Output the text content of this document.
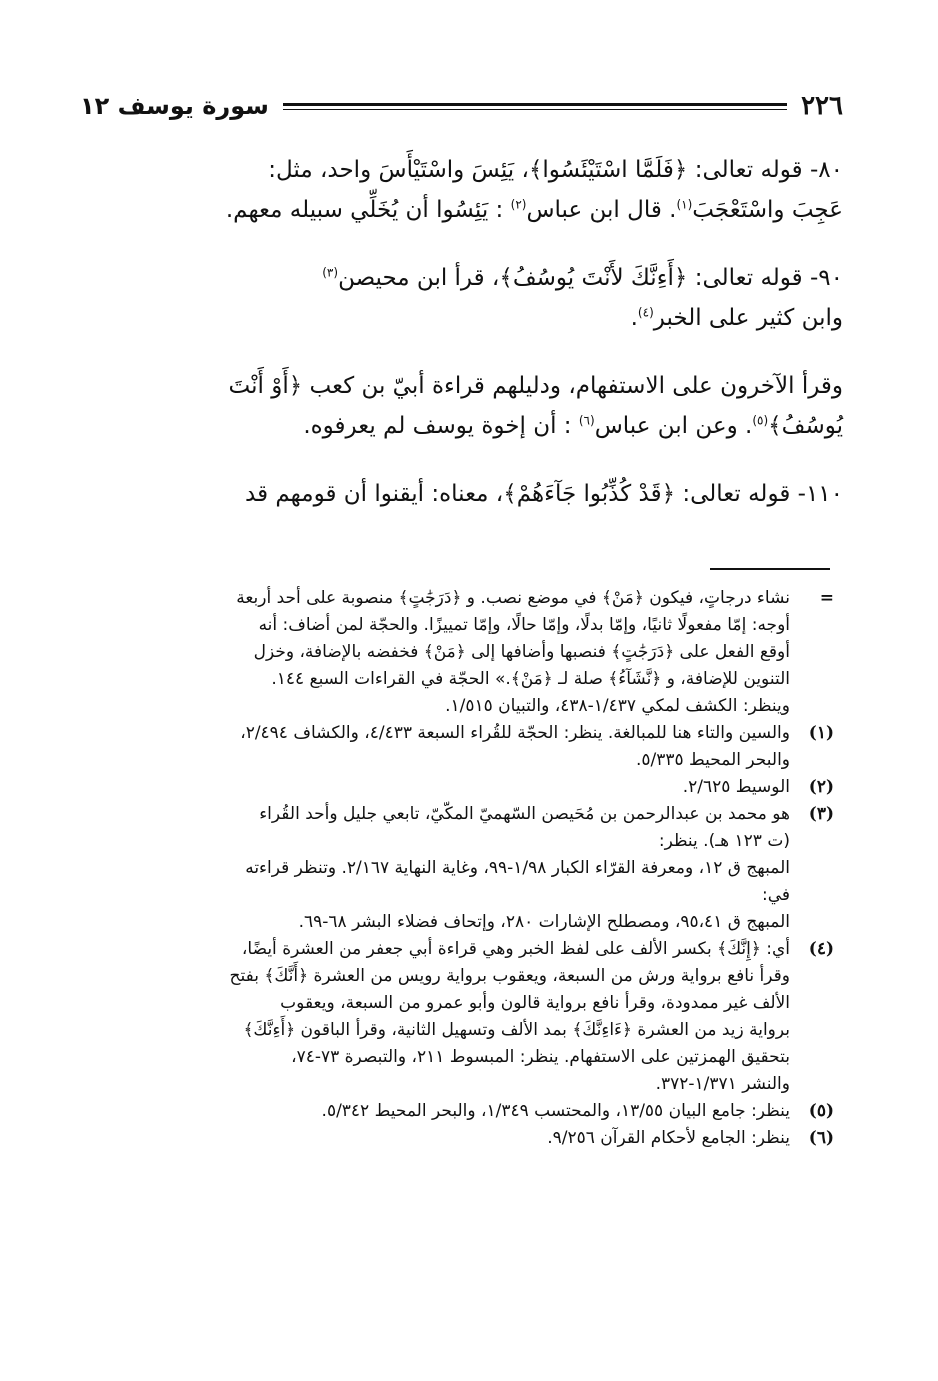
٢٢٦
سورة يوسف ١٢

٨٠- قوله تعالى: ﴿فَلَمَّا اسْتَيْئَسُوا﴾، يَئِسَ واسْتَيْأَسَ واحد، مثل:
عَجِبَ واسْتَعْجَبَ$^{(١)}$. قال ابن عباس$^{(٢)}$ : يَئِسُوا أن يُخَلِّي سبيله معهم.

٩٠- قوله تعالى: ﴿أَءِنَّكَ لأَنْتَ يُوسُفُ﴾، قرأ ابن محيصن$^{(٣)}$
وابن كثير على الخبر$^{(٤)}$.

وقرأ الآخرون على الاستفهام، ودليلهم قراءة أبيّ بن كعب ﴿أَوْ أَنْتَ
يُوسُفُ﴾$^{(٥)}$. وعن ابن عباس$^{(٦)}$ : أن إخوة يوسف لم يعرفوه.

١١٠- قوله تعالى: ﴿قَدْ كُذِّبُوا جَآءَهُمْ﴾، معناه: أيقنوا أن قومهم قد

=
نشاء درجاتٍ، فيكون ﴿مَنْ﴾ في موضع نصب. و ﴿دَرَجَٰتٍ﴾ منصوبة على أحد أربعة
أوجه: إمّا مفعولًا ثانيًا، وإمّا بدلًا، وإمّا حالًا، وإمّا تمييزًا. والحجّة لمن أضاف: أنه
أوقع الفعل على ﴿دَرَجَٰتٍ﴾ فنصبها وأضافها إلى ﴿مَنْ﴾ فخفضه بالإضافة، وخزل
التنوين للإضافة، و ﴿نَّشَآءُ﴾ صلة لـ ﴿مَنْ﴾.» الحجّة في القراءات السبع ١٤٤.
وينظر: الكشف لمكي ١/٤٣٧-٤٣٨، والتبيان ١/٥١٥.
(١)
والسين والتاء هنا للمبالغة. ينظر: الحجّة للقُراء السبعة ٤/٤٣٣، والكشاف ٢/٤٩٤،
والبحر المحيط ٥/٣٣٥.
(٢)
الوسيط ٢/٦٢٥.
(٣)
هو محمد بن عبدالرحمن بن مُحَيصن السّهميّ المكّيّ، تابعي جليل وأحد القُراء
(ت ١٢٣ هـ). ينظر:
المبهج ق ١٢، ومعرفة القرّاء الكبار ١/٩٨-٩٩، وغاية النهاية ٢/١٦٧. وتنظر قراءته
في:
المبهج ق ٩٥،٤١، ومصطلح الإشارات ٢٨٠، وإتحاف فضلاء البشر ٦٨-٦٩.
(٤)
أي: ﴿إِنَّكَ﴾ بكسر الألف على لفظ الخبر وهي قراءة أبي جعفر من العشرة أيضًا،
وقرأ نافع برواية ورش من السبعة، ويعقوب برواية رويس من العشرة ﴿أَنَّكَ﴾ بفتح
الألف غير ممدودة، وقرأ نافع برواية قالون وأبو عمرو من السبعة، ويعقوب
برواية زيد من العشرة ﴿ءَاءِنَّكَ﴾ بمد الألف وتسهيل الثانية، وقرأ الباقون ﴿أَءِنَّكَ﴾
بتحقيق الهمزتين على الاستفهام. ينظر: المبسوط ٢١١، والتبصرة ٧٣-٧٤،
والنشر ١/٣٧١-٣٧٢.
(٥)
ينظر: جامع البيان ١٣/٥٥، والمحتسب ١/٣٤٩، والبحر المحيط ٥/٣٤٢.
(٦)
ينظر: الجامع لأحكام القرآن ٩/٢٥٦.
